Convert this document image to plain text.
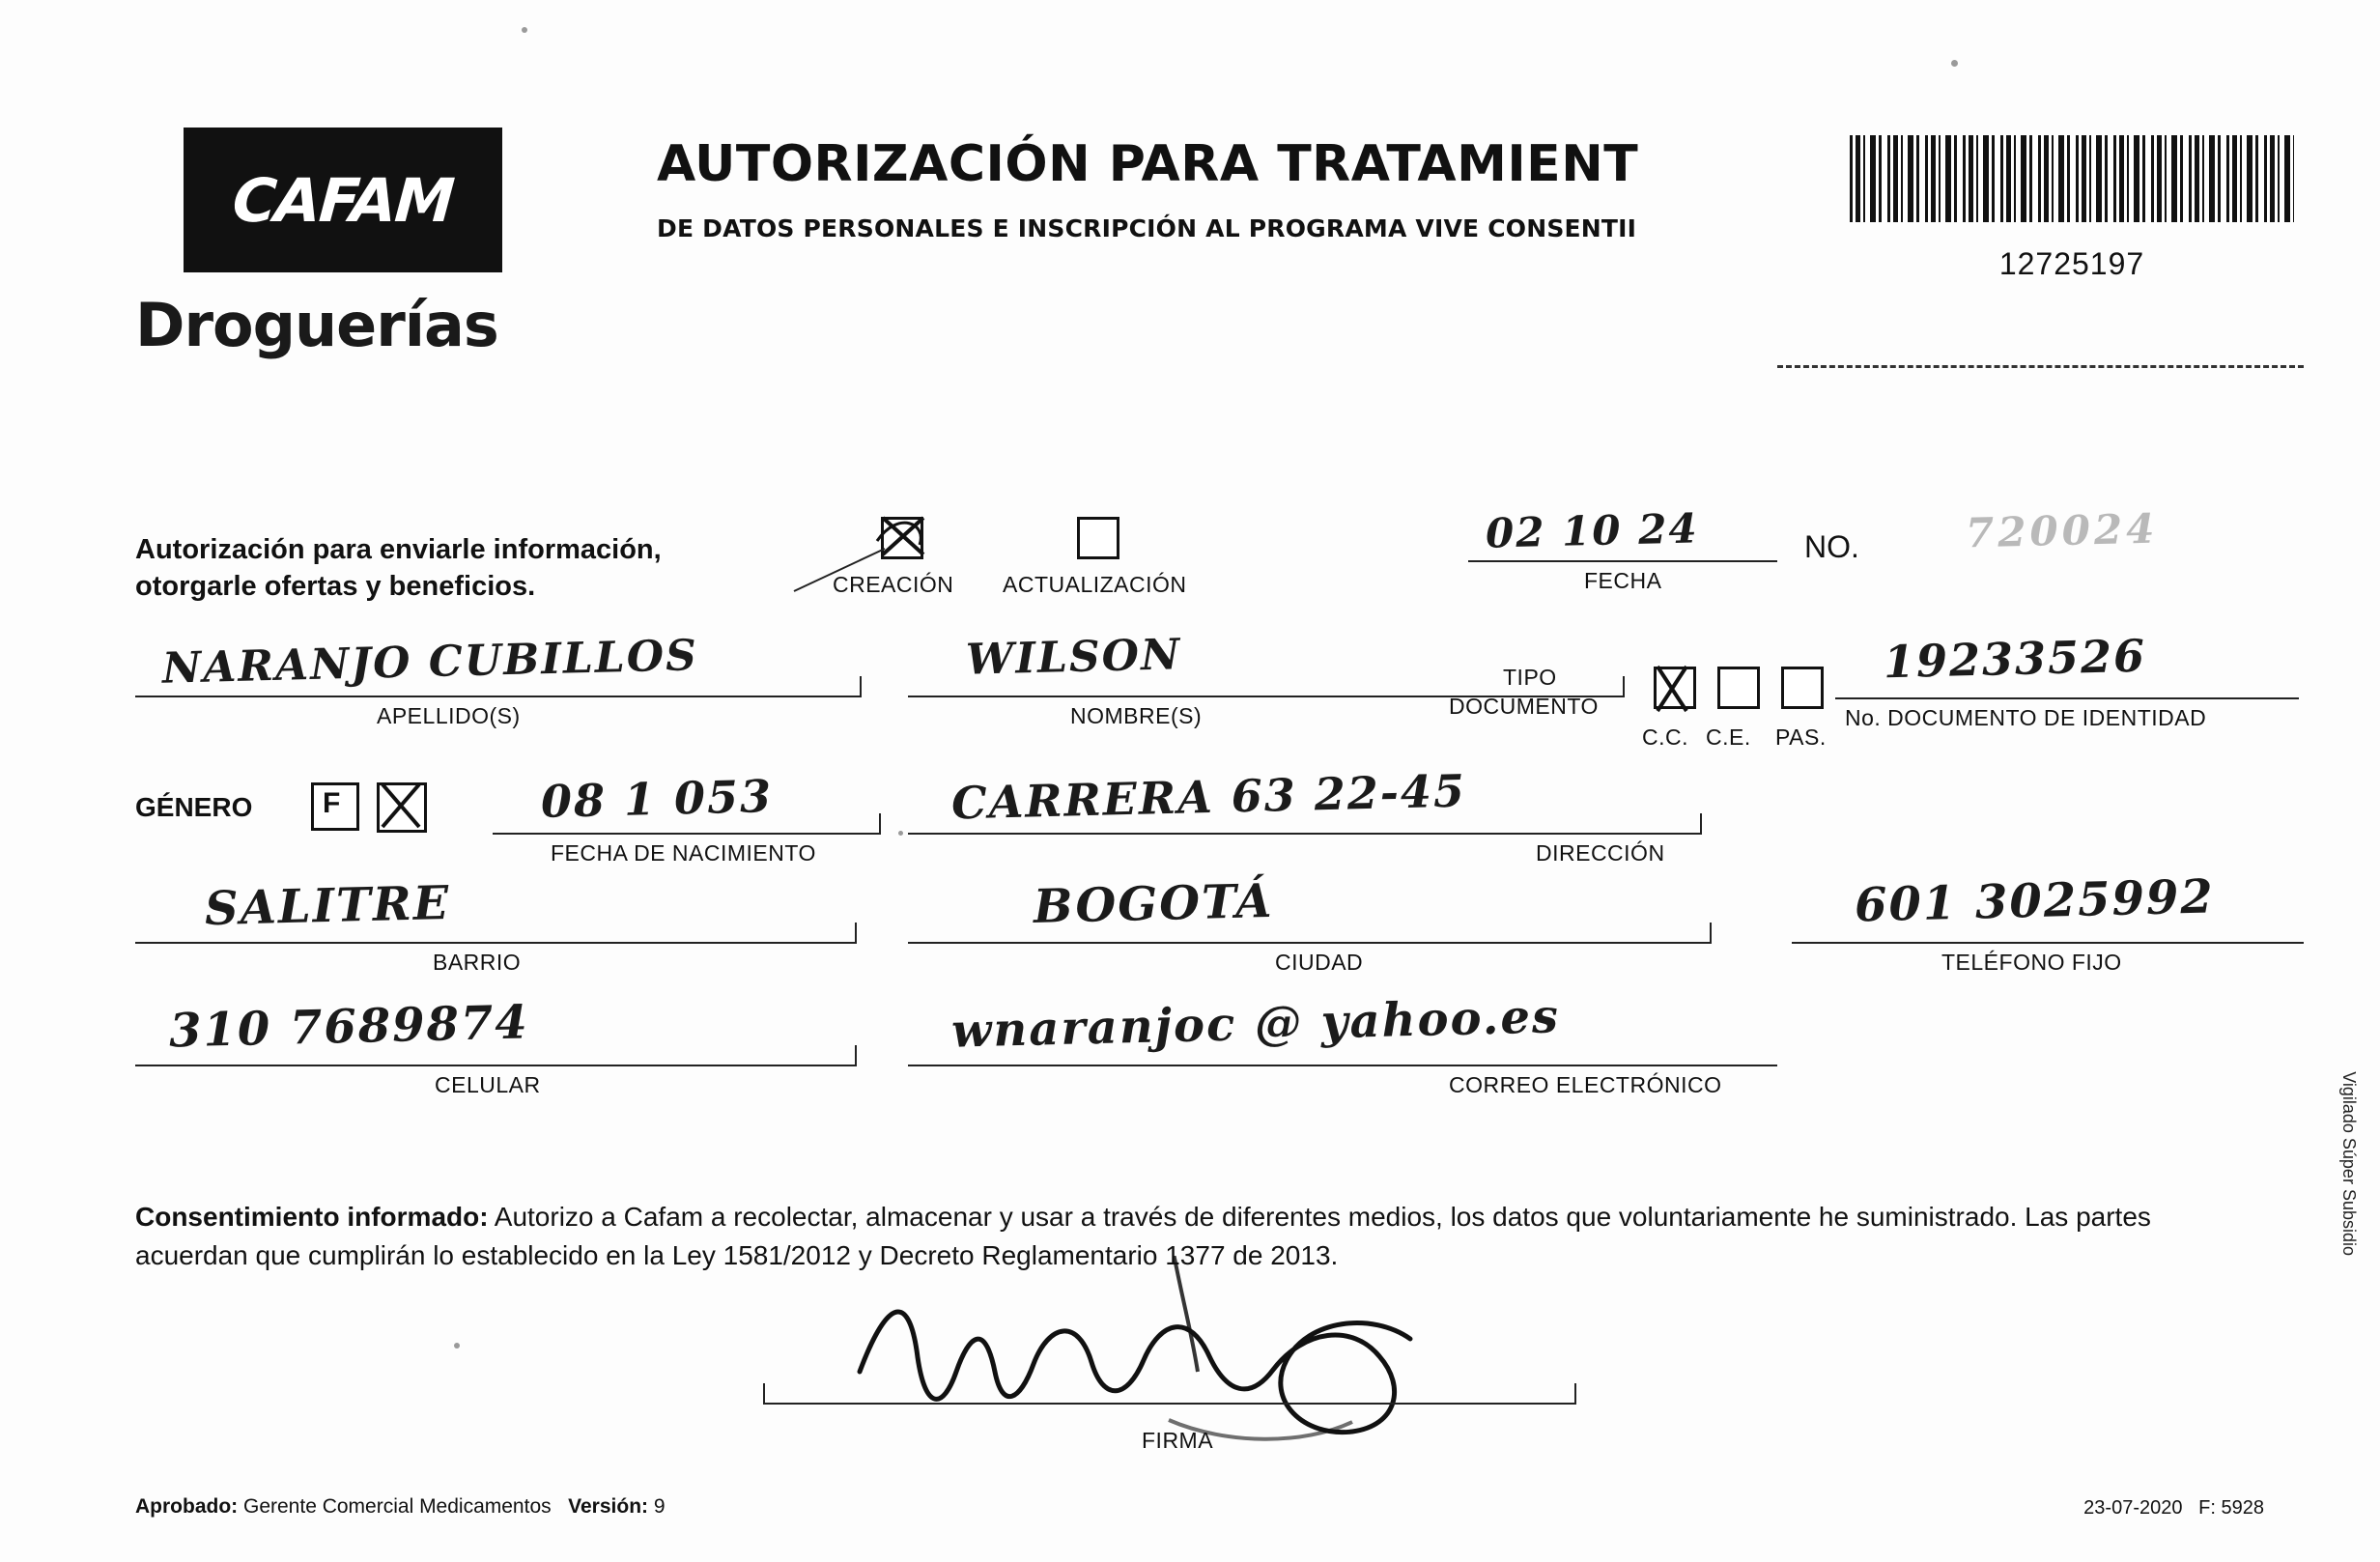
CAFAM
Droguerías
AUTORIZACIÓN PARA TRATAMIENT
DE DATOS PERSONALES E INSCRIPCIÓN AL PROGRAMA VIVE CONSENTII
12725197
Autorización para enviarle información,
otorgarle ofertas y beneficios.	CREACIÓN ACTUALIZACIÓN
02 10 24
FECHA
NO.	720024
NARANJO CUBILLOS
APELLIDO(S)
WILSON
NOMBRE(S)
TIPO
DOCUMENTO
C.C. C.E. PAS.
19233526
No. DOCUMENTO DE IDENTIDAD
GÉNERO F	08 1 053
FECHA DE NACIMIENTO
CARRERA 63 22-45
DIRECCIÓN
SALITRE
BARRIO
BOGOTÁ
CIUDAD
601 3025992
TELÉFONO FIJO
310 7689874
CELULAR
wnaranjoc @ yahoo.es
CORREO ELECTRÓNICO
Consentimiento informado: Autorizo a Cafam a recolectar, almacenar y usar a través de diferentes medios, los datos que voluntariamente he suministrado. Las partes acuerdan que cumplirán lo establecido en la Ley 1581/2012 y Decreto Reglamentario 1377 de 2013.
FIRMA
Aprobado: Gerente Comercial Medicamentos Versión: 9	23-07-2020 F: 5928
Vigilado Súper Subsidio
